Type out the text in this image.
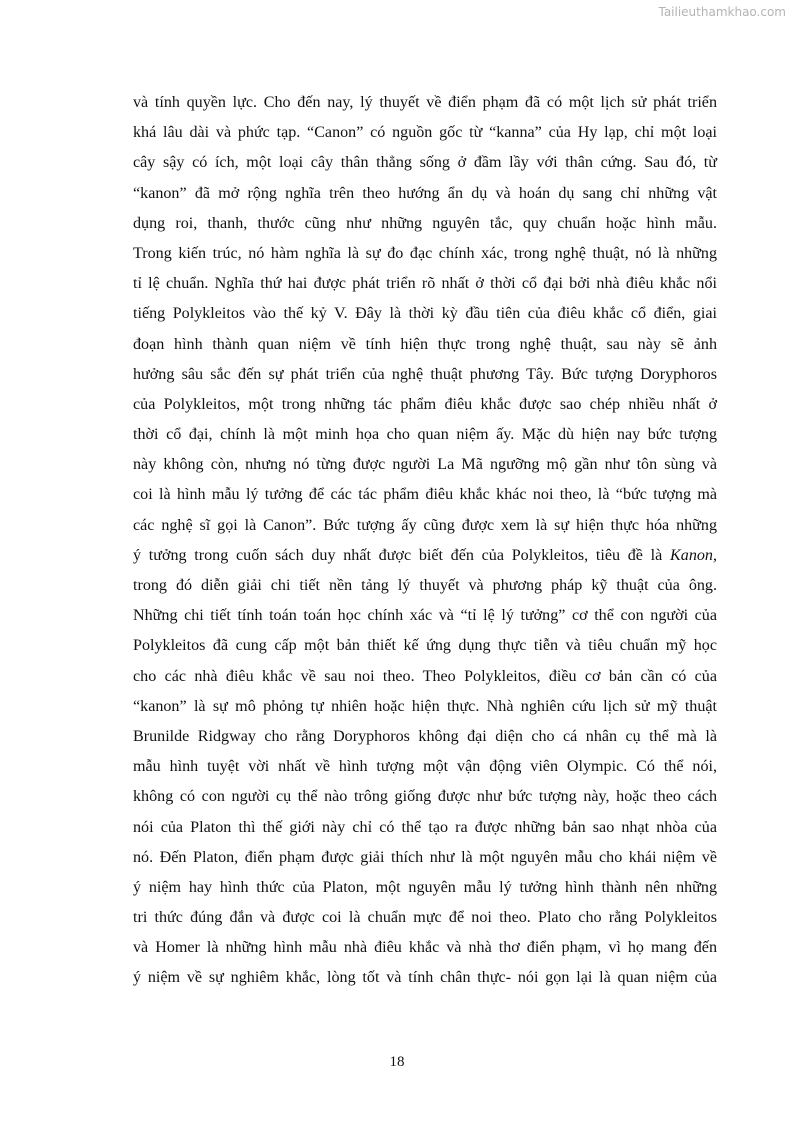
Tailieuthamkhao.com
và tính quyền lực. Cho đến nay, lý thuyết về điển phạm đã có một lịch sử phát triển
khá lâu dài và phức tạp. “Canon” có nguồn gốc từ “kanna” của Hy lạp, chỉ một loại
cây sậy có ích, một loại cây thân thẳng sống ở đầm lầy với thân cứng. Sau đó, từ
“kanon” đã mở rộng nghĩa trên theo hướng ẩn dụ và hoán dụ sang chỉ những vật
dụng roi, thanh, thước cũng như những nguyên tắc, quy chuẩn hoặc hình mẫu.
Trong kiến trúc, nó hàm nghĩa là sự đo đạc chính xác, trong nghệ thuật, nó là những
tỉ lệ chuẩn. Nghĩa thứ hai được phát triển rõ nhất ở thời cổ đại bởi nhà điêu khắc nổi
tiếng Polykleitos vào thế kỷ V. Đây là thời kỳ đầu tiên của điêu khắc cổ điển, giai
đoạn hình thành quan niệm về tính hiện thực trong nghệ thuật, sau này sẽ ảnh
hưởng sâu sắc đến sự phát triển của nghệ thuật phương Tây. Bức tượng Doryphoros
của Polykleitos, một trong những tác phẩm điêu khắc được sao chép nhiều nhất ở
thời cổ đại, chính là một minh họa cho quan niệm ấy. Mặc dù hiện nay bức tượng
này không còn, nhưng nó từng được người La Mã ngưỡng mộ gần như tôn sùng và
coi là hình mẫu lý tưởng để các tác phẩm điêu khắc khác noi theo, là “bức tượng mà
các nghệ sĩ gọi là Canon”. Bức tượng ấy cũng được xem là sự hiện thực hóa những
ý tưởng trong cuốn sách duy nhất được biết đến của Polykleitos, tiêu đề là Kanon,
trong đó diễn giải chi tiết nền tảng lý thuyết và phương pháp kỹ thuật của ông.
Những chi tiết tính toán toán học chính xác và “tỉ lệ lý tưởng” cơ thể con người của
Polykleitos đã cung cấp một bản thiết kế ứng dụng thực tiễn và tiêu chuẩn mỹ học
cho các nhà điêu khắc về sau noi theo. Theo Polykleitos, điều cơ bản cần có của
“kanon” là sự mô phỏng tự nhiên hoặc hiện thực. Nhà nghiên cứu lịch sử mỹ thuật
Brunilde Ridgway cho rằng Doryphoros không đại diện cho cá nhân cụ thể mà là
mẫu hình tuyệt vời nhất về hình tượng một vận động viên Olympic. Có thể nói,
không có con người cụ thể nào trông giống được như bức tượng này, hoặc theo cách
nói của Platon thì thế giới này chỉ có thể tạo ra được những bản sao nhạt nhòa của
nó. Đến Platon, điển phạm được giải thích như là một nguyên mẫu cho khái niệm về
ý niệm hay hình thức của Platon, một nguyên mẫu lý tưởng hình thành nên những
tri thức đúng đắn và được coi là chuẩn mực để noi theo. Plato cho rằng Polykleitos
và Homer là những hình mẫu nhà điêu khắc và nhà thơ điển phạm, vì họ mang đến
ý niệm về sự nghiêm khắc, lòng tốt và tính chân thực- nói gọn lại là quan niệm của
18
